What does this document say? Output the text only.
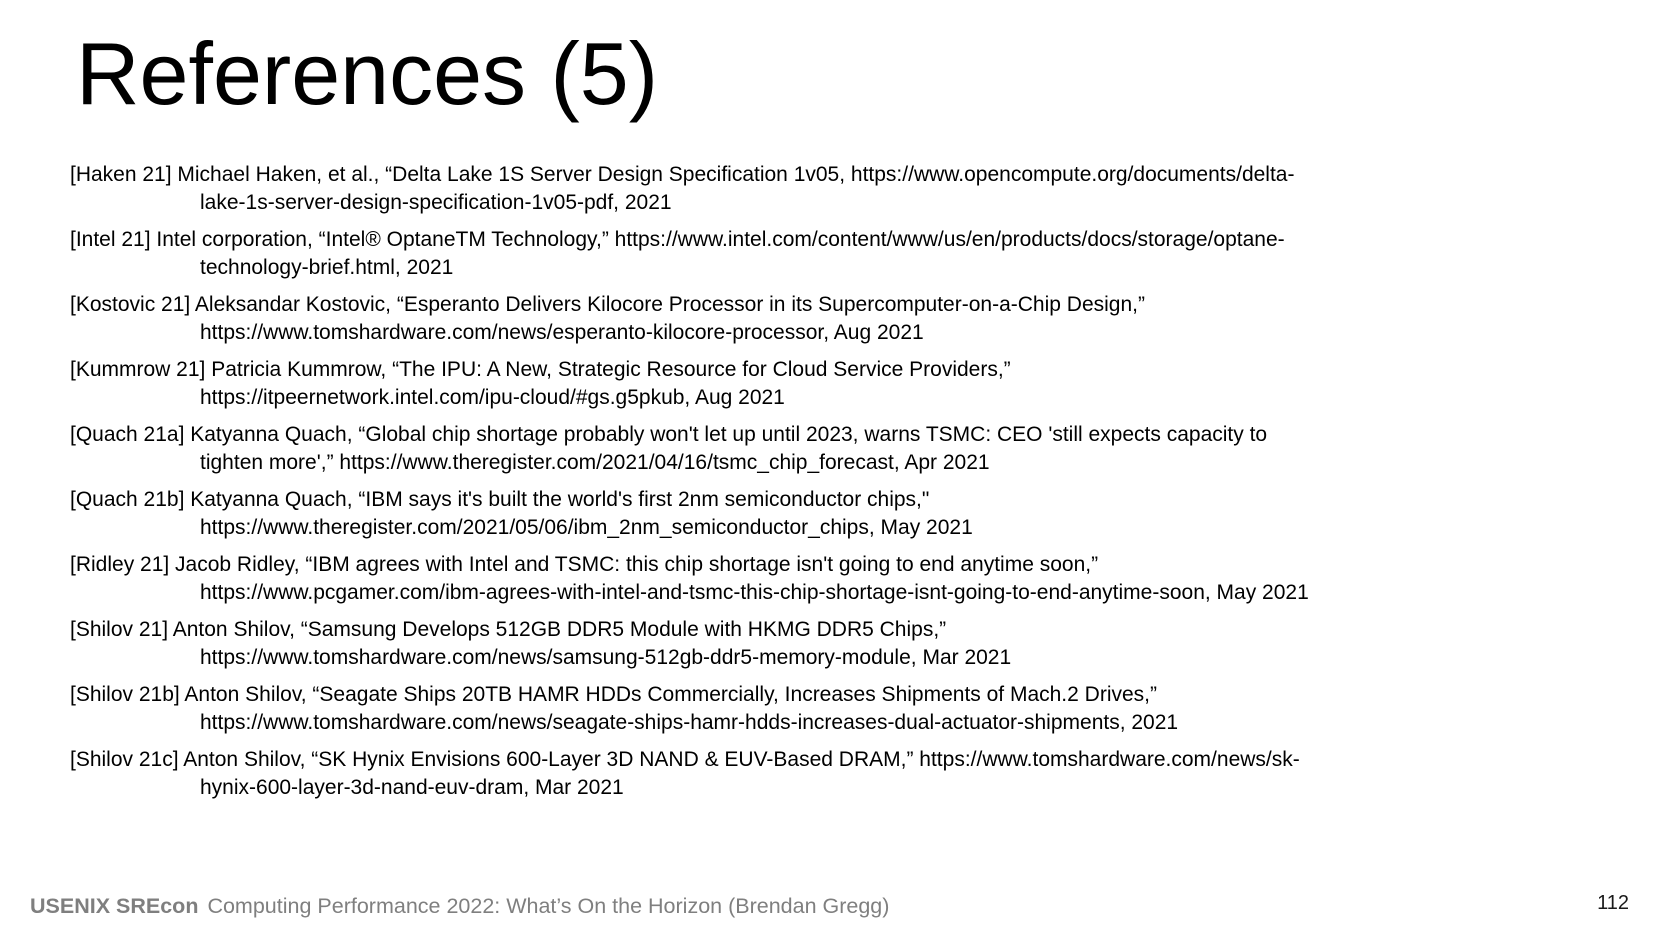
References (5)
[Haken 21] Michael Haken, et al., “Delta Lake 1S Server Design Specification 1v05, https://www.opencompute.org/documents/delta-
lake-1s-server-design-specification-1v05-pdf, 2021
[Intel 21] Intel corporation, “Intel® OptaneTM Technology,” https://www.intel.com/content/www/us/en/products/docs/storage/optane-
technology-brief.html, 2021
[Kostovic 21] Aleksandar Kostovic, “Esperanto Delivers Kilocore Processor in its Supercomputer-on-a-Chip Design,”
https://www.tomshardware.com/news/esperanto-kilocore-processor, Aug 2021
[Kummrow 21] Patricia Kummrow, “The IPU: A New, Strategic Resource for Cloud Service Providers,”
https://itpeernetwork.intel.com/ipu-cloud/#gs.g5pkub, Aug 2021
[Quach 21a] Katyanna Quach, “Global chip shortage probably won't let up until 2023, warns TSMC: CEO 'still expects capacity to
tighten more',” https://www.theregister.com/2021/04/16/tsmc_chip_forecast, Apr 2021
[Quach 21b] Katyanna Quach, “IBM says it's built the world's first 2nm semiconductor chips,"
https://www.theregister.com/2021/05/06/ibm_2nm_semiconductor_chips, May 2021
[Ridley 21] Jacob Ridley, “IBM agrees with Intel and TSMC: this chip shortage isn't going to end anytime soon,”
https://www.pcgamer.com/ibm-agrees-with-intel-and-tsmc-this-chip-shortage-isnt-going-to-end-anytime-soon, May 2021
[Shilov 21] Anton Shilov, “Samsung Develops 512GB DDR5 Module with HKMG DDR5 Chips,”
https://www.tomshardware.com/news/samsung-512gb-ddr5-memory-module, Mar 2021
[Shilov 21b] Anton Shilov, “Seagate Ships 20TB HAMR HDDs Commercially, Increases Shipments of Mach.2 Drives,”
https://www.tomshardware.com/news/seagate-ships-hamr-hdds-increases-dual-actuator-shipments, 2021
[Shilov 21c] Anton Shilov, “SK Hynix Envisions 600-Layer 3D NAND & EUV-Based DRAM,” https://www.tomshardware.com/news/sk-
hynix-600-layer-3d-nand-euv-dram, Mar 2021
USENIX SREcon Computing Performance 2022: What’s On the Horizon (Brendan Gregg)	112
